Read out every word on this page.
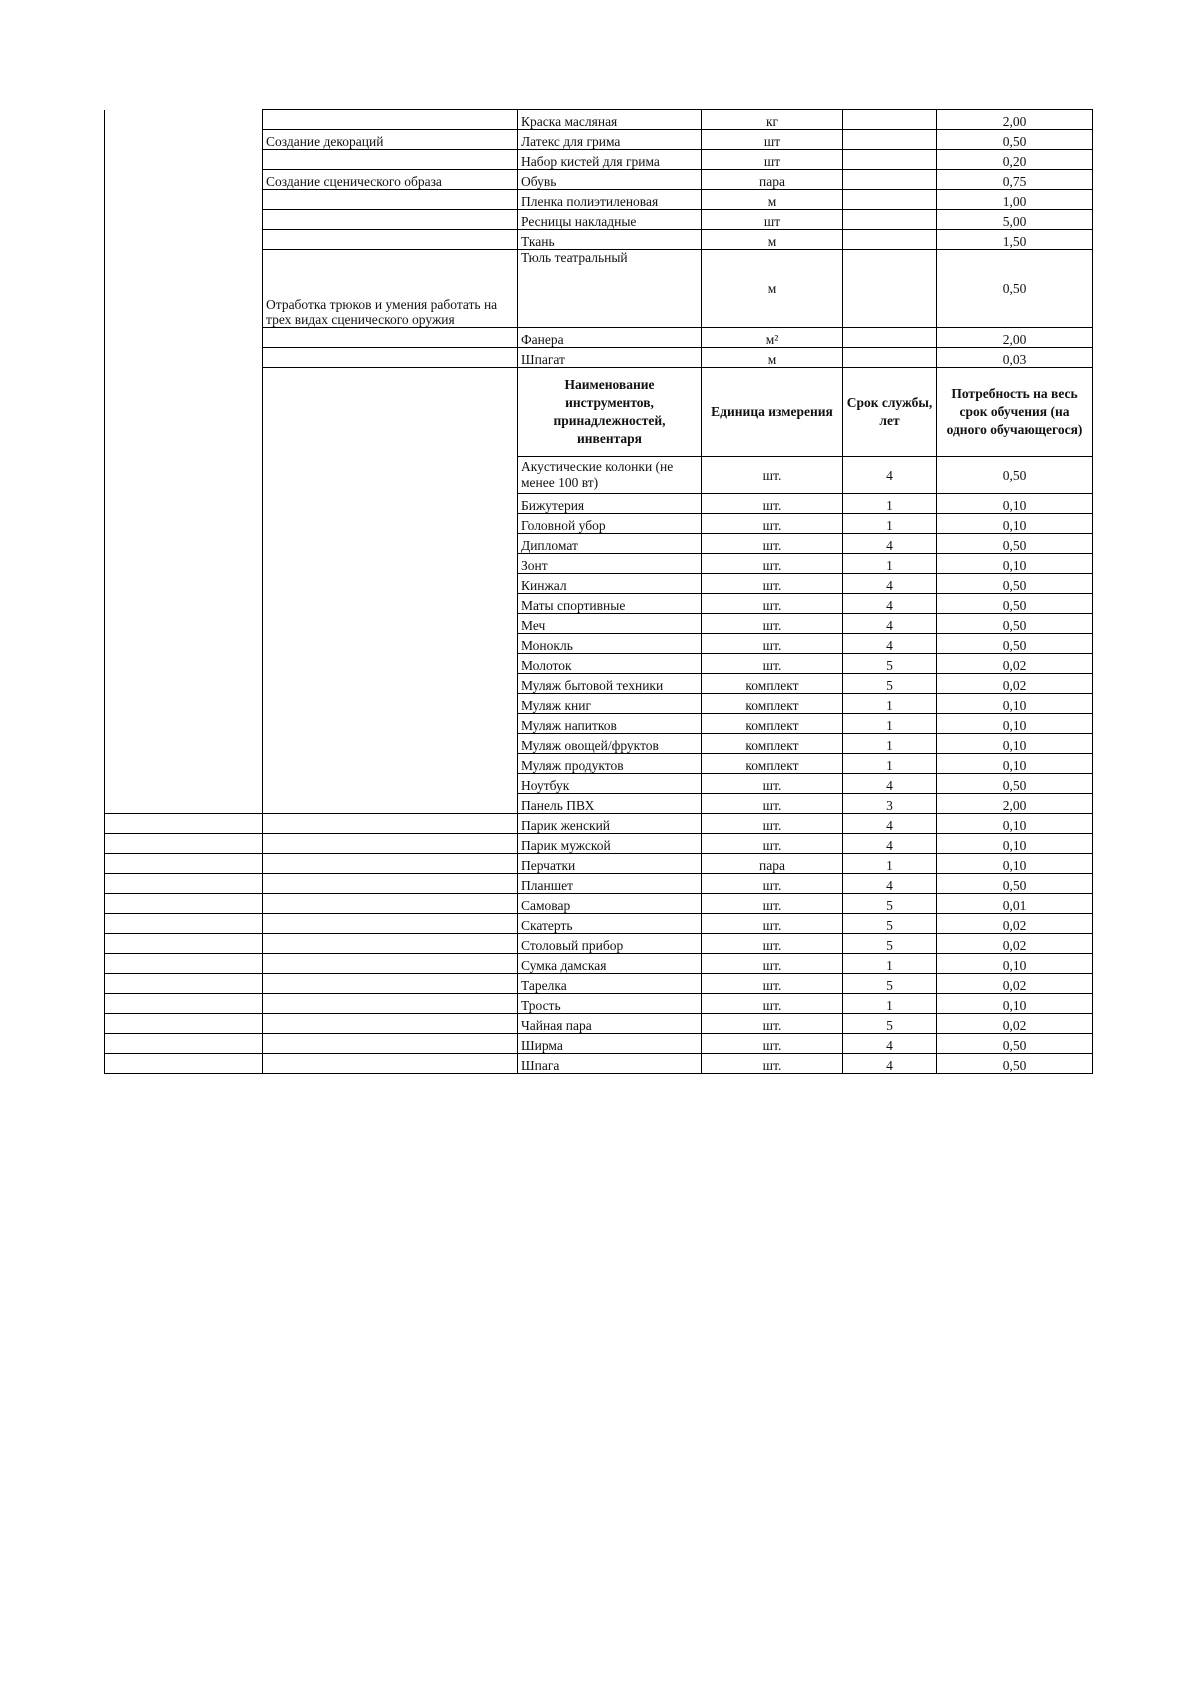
		Краска масляная	кг		2,00
	Создание декораций	Латекс для грима	шт		0,50
		Набор кистей для грима	шт		0,20
	Создание сценического образа	Обувь	пара		0,75
		Пленка полиэтиленовая	м		1,00
		Ресницы накладные	шт		5,00
		Ткань	м		1,50
	Отработка трюков и умения работать на трех видах сценического оружия	Тюль театральный	м		0,50
		Фанера	м²		2,00
		Шпагат	м		0,03
		Наименование инструментов, принадлежностей, инвентаря	Единица измерения	Срок службы, лет	Потребность на весь срок обучения (на одного обучающегося)
		Акустические колонки (не менее 100 вт)	шт.	4	0,50
		Бижутерия	шт.	1	0,10
		Головной убор	шт.	1	0,10
		Дипломат	шт.	4	0,50
		Зонт	шт.	1	0,10
		Кинжал	шт.	4	0,50
		Маты спортивные	шт.	4	0,50
		Меч	шт.	4	0,50
		Монокль	шт.	4	0,50
		Молоток	шт.	5	0,02
		Муляж бытовой техники	комплект	5	0,02
		Муляж книг	комплект	1	0,10
		Муляж напитков	комплект	1	0,10
		Муляж овощей/фруктов	комплект	1	0,10
		Муляж продуктов	комплект	1	0,10
		Ноутбук	шт.	4	0,50
		Панель ПВХ	шт.	3	2,00
		Парик женский	шт.	4	0,10
		Парик мужской	шт.	4	0,10
		Перчатки	пара	1	0,10
		Планшет	шт.	4	0,50
		Самовар	шт.	5	0,01
		Скатерть	шт.	5	0,02
		Столовый прибор	шт.	5	0,02
		Сумка дамская	шт.	1	0,10
		Тарелка	шт.	5	0,02
		Трость	шт.	1	0,10
		Чайная пара	шт.	5	0,02
		Ширма	шт.	4	0,50
		Шпага	шт.	4	0,50
